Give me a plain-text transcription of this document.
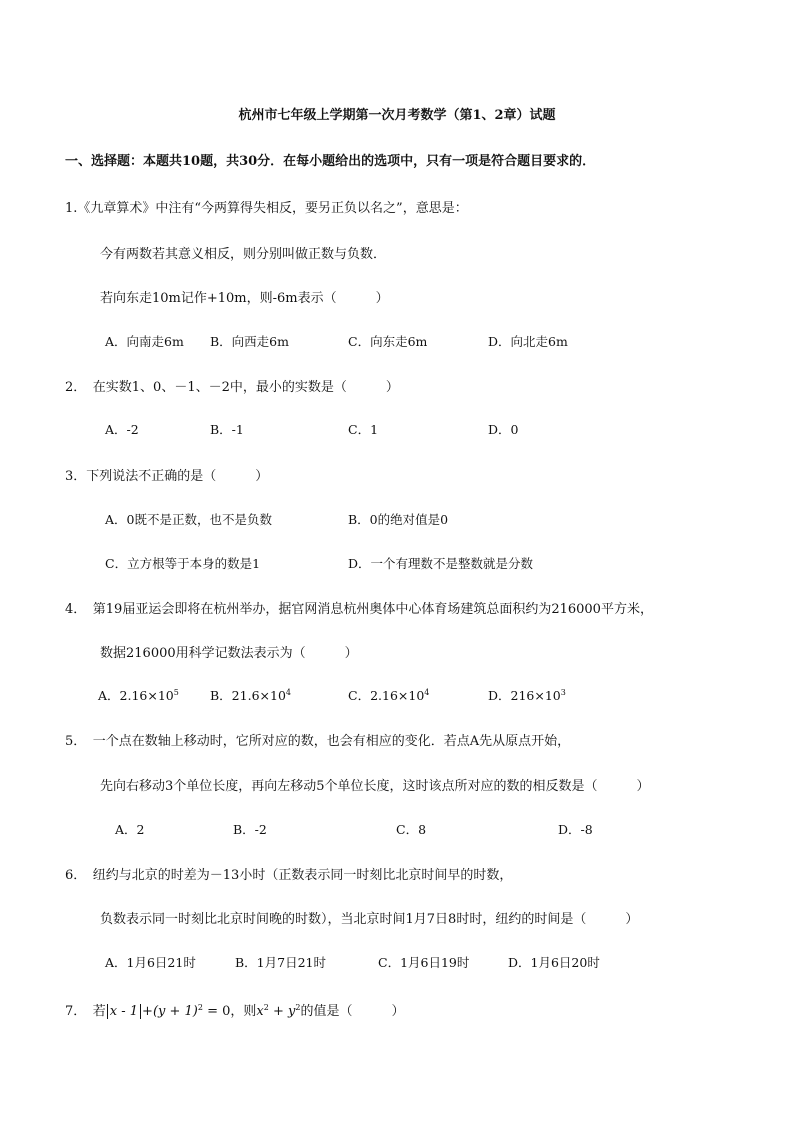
杭州市七年级上学期第一次月考数学（第1、2章）试题
一、选择题：本题共10题，共30分．在每小题给出的选项中，只有一项是符合题目要求的．
1.《九章算术》中注有“今两算得失相反，要另正负以名之”，意思是：
今有两数若其意义相反，则分别叫做正数与负数．
若向东走10m记作+10m，则-6m表示（　　　）
A．向南走6m B．向西走6m	C．向东走6m	D．向北走6m
2．　在实数1、0、－1、－2中，最小的实数是（　　　）
A．-2	B．-1	C．1	D．0
3．下列说法不正确的是（　　　）
A．0既不是正数，也不是负数	B．0的绝对值是0
C．立方根等于本身的数是1	D．一个有理数不是整数就是分数
4．　第19届亚运会即将在杭州举办，据官网消息杭州奥体中心体育场建筑总面积约为216000平方米，
数据216000用科学记数法表示为（　　　）
A．$2.16\times 10^5$ B．$21.6\times 10^4$	C．$2.16\times 10^4$	D．$216\times 10^3$
5．　一个点在数轴上移动时，它所对应的数，也会有相应的变化．若点A先从原点开始，
先向右移动3个单位长度，再向左移动5个单位长度，这时该点所对应的数的相反数是（　　　）
A．2	B．-2	C．8	D．-8
6．　纽约与北京的时差为－13小时（正数表示同一时刻比北京时间早的时数，
负数表示同一时刻比北京时间晚的时数），当北京时间1月7日8时时，纽约的时间是（　　　）
A．1月6日21时	B．1月7日21时	C．1月6日19时	D．1月6日20时
7．　若 $x - 1 +(y + 1)^2 = 0$，则$x^2 + y^2$的值是（　　　）
